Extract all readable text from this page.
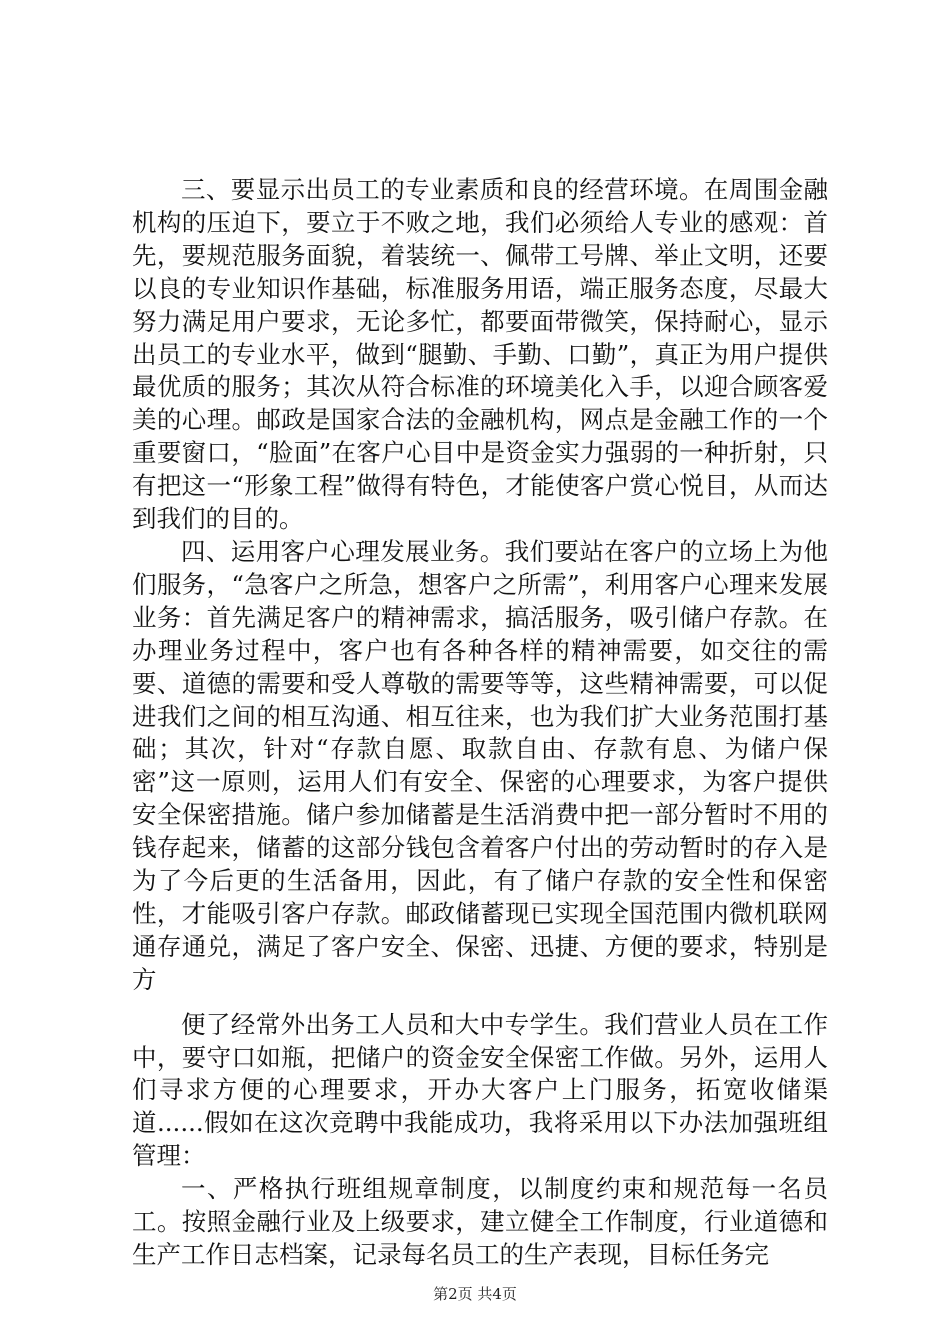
三、要显示出员工的专业素质和良的经营环境。在周围金融机构的压迫下，要立于不败之地，我们必须给人专业的感观：首先，要规范服务面貌，着装统一、佩带工号牌、举止文明，还要以良的专业知识作基础，标准服务用语，端正服务态度，尽最大努力满足用户要求，无论多忙，都要面带微笑，保持耐心，显示出员工的专业水平，做到“腿勤、手勤、口勤”，真正为用户提供最优质的服务；其次从符合标准的环境美化入手，以迎合顾客爱美的心理。邮政是国家合法的金融机构，网点是金融工作的一个重要窗口，“脸面”在客户心目中是资金实力强弱的一种折射，只有把这一“形象工程”做得有特色，才能使客户赏心悦目，从而达到我们的目的。

四、运用客户心理发展业务。我们要站在客户的立场上为他们服务，“急客户之所急，想客户之所需”，利用客户心理来发展业务：首先满足客户的精神需求，搞活服务，吸引储户存款。在办理业务过程中，客户也有各种各样的精神需要，如交往的需要、道德的需要和受人尊敬的需要等等，这些精神需要，可以促进我们之间的相互沟通、相互往来，也为我们扩大业务范围打基础；其次，针对“存款自愿、取款自由、存款有息、为储户保密”这一原则，运用人们有安全、保密的心理要求，为客户提供安全保密措施。储户参加储蓄是生活消费中把一部分暂时不用的钱存起来，储蓄的这部分钱包含着客户付出的劳动暂时的存入是为了今后更的生活备用，因此，有了储户存款的安全性和保密性，才能吸引客户存款。邮政储蓄现已实现全国范围内微机联网通存通兑，满足了客户安全、保密、迅捷、方便的要求，特别是方

便了经常外出务工人员和大中专学生。我们营业人员在工作中，要守口如瓶，把储户的资金安全保密工作做。另外，运用人们寻求方便的心理要求，开办大客户上门服务，拓宽收储渠道......假如在这次竞聘中我能成功，我将采用以下办法加强班组管理：

一、严格执行班组规章制度，以制度约束和规范每一名员工。按照金融行业及上级要求，建立健全工作制度，行业道德和生产工作日志档案，记录每名员工的生产表现，目标任务完

第2页 共4页
